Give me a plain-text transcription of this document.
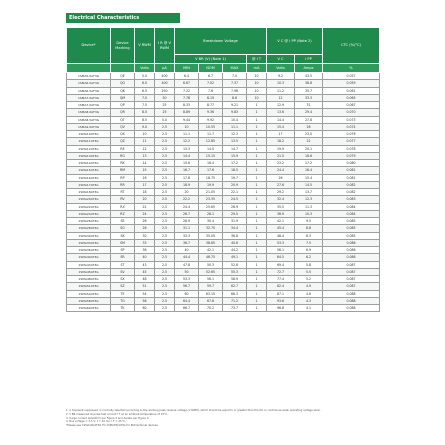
Electrical Characteristics
Device*	Device Marking	V RWM	I R @ V RWM	Breakdown Voltage				V C @ I PP (Note 2)		CTC (%/°C)
				V BR (V) (Note 1)			@ I T	V C	I PP	
		Volts	μA	MIN	NOM	MAX	mA	Volts	Amps	%
1SMA5.0AT3G	QE	5.0	400	6.4	6.7	7.0	10	9.2	43.5	0.057
1SMA6.0AT3G	QG	6.0	400	6.67	7.02	7.37	10	10.3	38.8	0.059
1SMA6.5AT3G	QK	6.5	250	7.22	7.6	7.98	10	11.2	35.7	0.061
1SMA7.0AT3G	QM	7.0	50	7.78	8.19	8.6	10	12	33.3	0.065
1SMA7.5AT3G	QP	7.5	25	8.33	8.77	9.21	1	12.9	31	0.067
1SMA8.0AT3G	QR	8.0	25	8.89	9.36	9.83	1	13.6	29.4	0.070
1SMA8.5AT3G	QT	8.5	5.0	9.44	9.92	10.4	1	14.4	27.8	0.073
1SMA9.0AT3G	QV	9.0	2.5	10	10.55	11.1	1	15.4	26	0.074
1SMA10AT3G	QX	10	2.5	11.1	11.7	12.3	1	17	23.5	0.076
1SMA11AT3G	QZ	11	2.5	12.2	12.85	13.5	1	18.2	22	0.077
1SMA12AT3G	RE	12	2.5	13.3	14.0	14.7	1	19.9	20.1	0.078
1SMA13AT3G	RG	13	2.5	14.4	15.15	15.9	1	21.5	18.6	0.079
1SMA14AT3G	RK	14	2.5	15.6	16.4	17.2	1	23.2	17.2	0.080
1SMA15AT3G	RM	15	2.5	16.7	17.6	18.5	1	24.4	16.4	0.081
1SMA16AT3G	RP	16	2.5	17.8	18.75	19.7	1	26	15.4	0.081
1SMA17AT3G	RR	17	2.5	18.9	19.9	20.9	1	27.6	14.5	0.082
1SMA18AT3G	RT	18	2.5	20	21.05	22.1	1	29.2	13.7	0.082
1SMA20AT3G	RV	20	2.5	22.2	23.35	24.5	1	32.4	12.3	0.083
1SMA22AT3G	RX	22	2.5	24.4	25.65	26.9	1	35.5	11.3	0.084
1SMA24AT3G	RZ	24	2.5	26.7	28.1	29.5	1	38.9	10.3	0.084
1SMA26AT3G	SE	26	2.5	28.9	30.4	31.9	1	42.1	9.5	0.085
1SMA28AT3G	SG	28	2.5	31.1	32.75	34.4	1	45.4	8.8	0.085
1SMA30AT3G	SK	30	2.5	33.3	35.05	36.8	1	48.4	8.3	0.085
1SMA33AT3G	SM	33	2.5	36.7	38.65	40.6	1	53.3	7.5	0.086
1SMA36AT3G	SP	36	2.5	40	42.1	44.2	1	58.1	6.9	0.086
1SMA40AT3G	SR	40	2.5	44.4	46.75	49.1	1	64.5	6.2	0.086
1SMA43AT3G	ST	43	2.5	47.8	50.3	52.8	1	69.4	5.8	0.087
1SMA45AT3G	SV	45	2.5	50	52.65	55.3	1	72.7	5.5	0.087
1SMA48AT3G	SX	48	2.5	53.3	56.1	58.9	1	77.4	5.2	0.087
1SMA51AT3G	SZ	51	2.5	56.7	59.7	62.7	1	82.4	4.9	0.087
1SMA54AT3G	TE	54	2.5	60	63.15	66.3	1	87.1	4.6	0.088
1SMA58AT3G	TG	58	2.5	64.4	67.8	71.2	1	93.6	4.3	0.088
1SMA60AT3G	TK	60	2.5	66.7	70.2	73.7	1	96.8	4.1	0.088
1. A transient suppressor is normally selected according to the working peak reverse voltage (V RWM), which should be equal to or greater than the DC or continuous peak operating voltage level.
2. V BR measured at pulse test current I T at an ambient temperature of 25°C.
3. Surge current waveform per Figure 2 and derate per Figure 3.
4. Bus voltage = 3.5 V; t = 10 ms; I T = 25°C.
*Please see 1SMA10CAT3G TO 1SMA78CAT3G for Bidirectional devices.
